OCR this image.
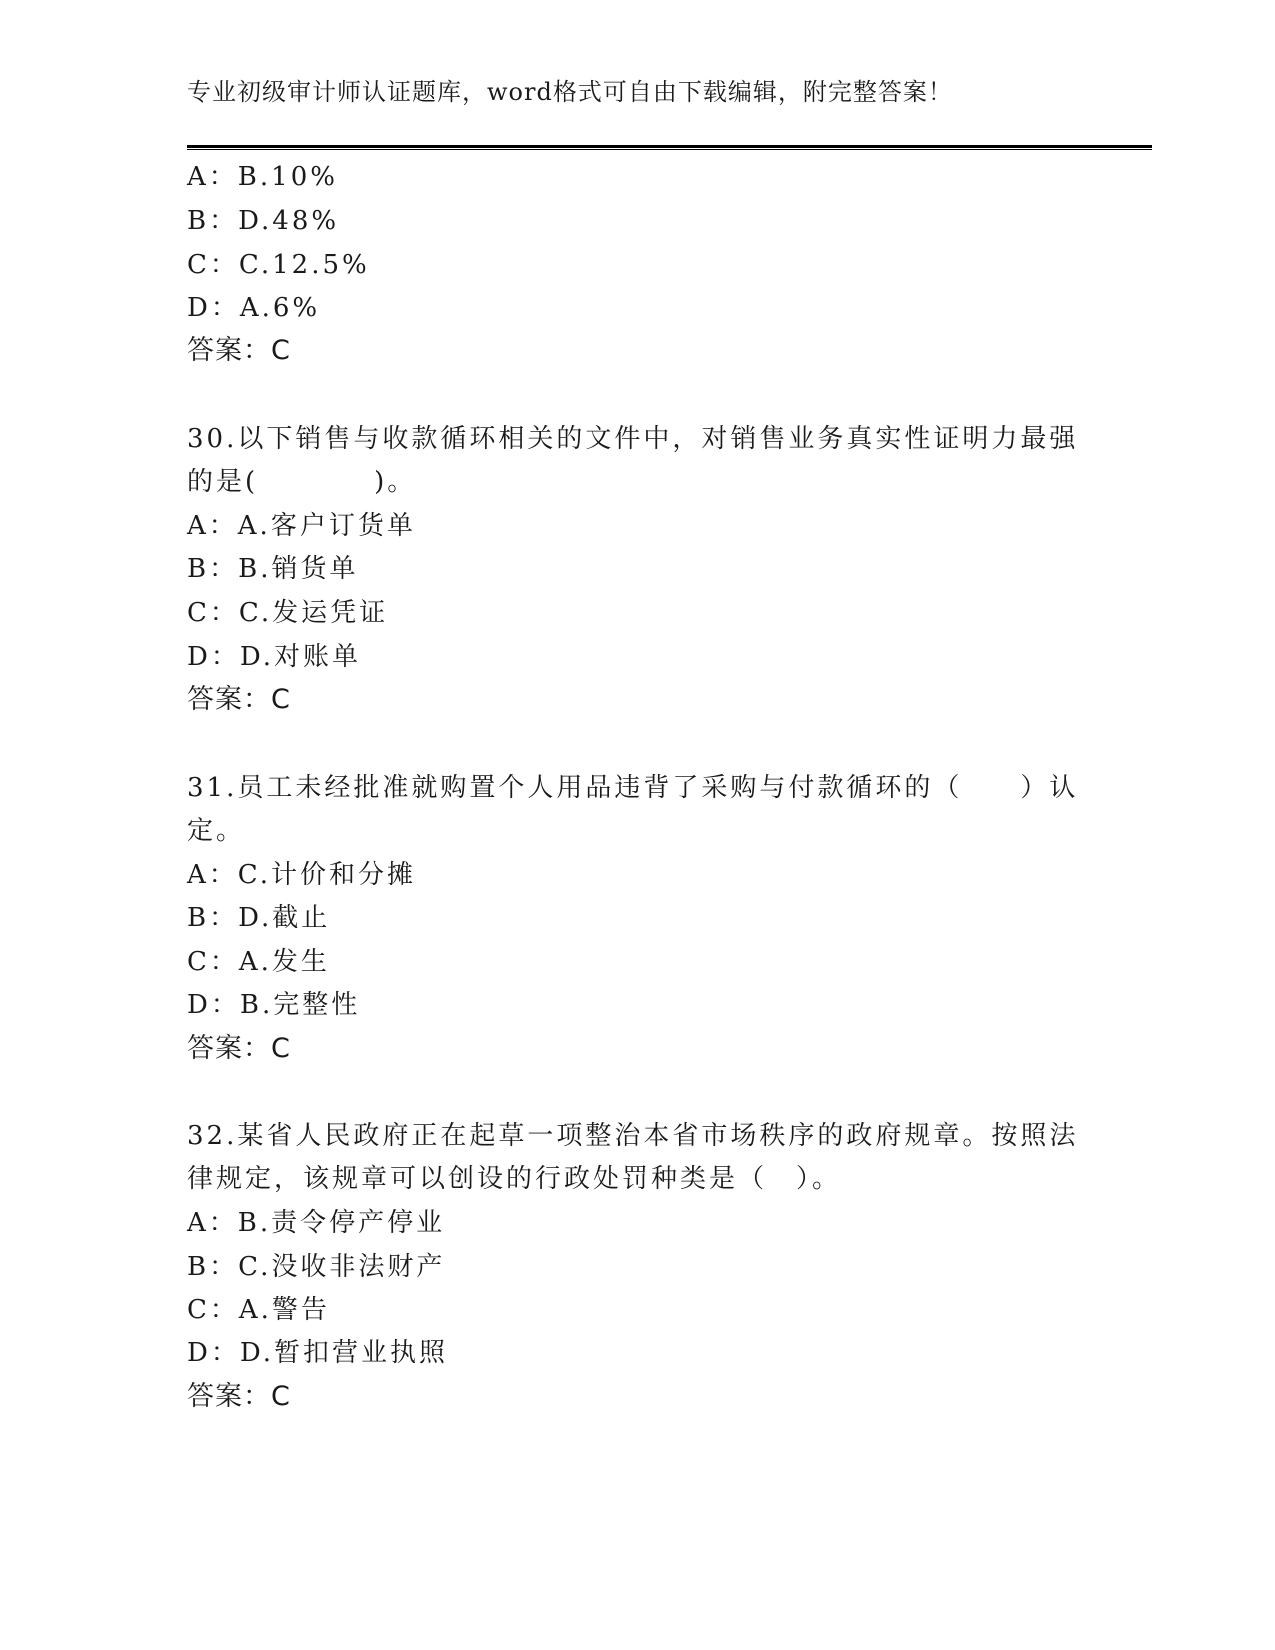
专业初级审计师认证题库，word格式可自由下载编辑，附完整答案！
A：B.10%
B：D.48%
C：C.12.5%
D：A.6%
答案：C
30.以下销售与收款循环相关的文件中，对销售业务真实性证明力最强
的是(　　　　)。
A：A.客户订货单
B：B.销货单
C：C.发运凭证
D：D.对账单
答案：C
31.员工未经批准就购置个人用品违背了采购与付款循环的（　　）认
定。
A：C.计价和分摊
B：D.截止
C：A.发生
D：B.完整性
答案：C
32.某省人民政府正在起草一项整治本省市场秩序的政府规章。按照法
律规定，该规章可以创设的行政处罚种类是（　）。
A：B.责令停产停业
B：C.没收非法财产
C：A.警告
D：D.暂扣营业执照
答案：C
